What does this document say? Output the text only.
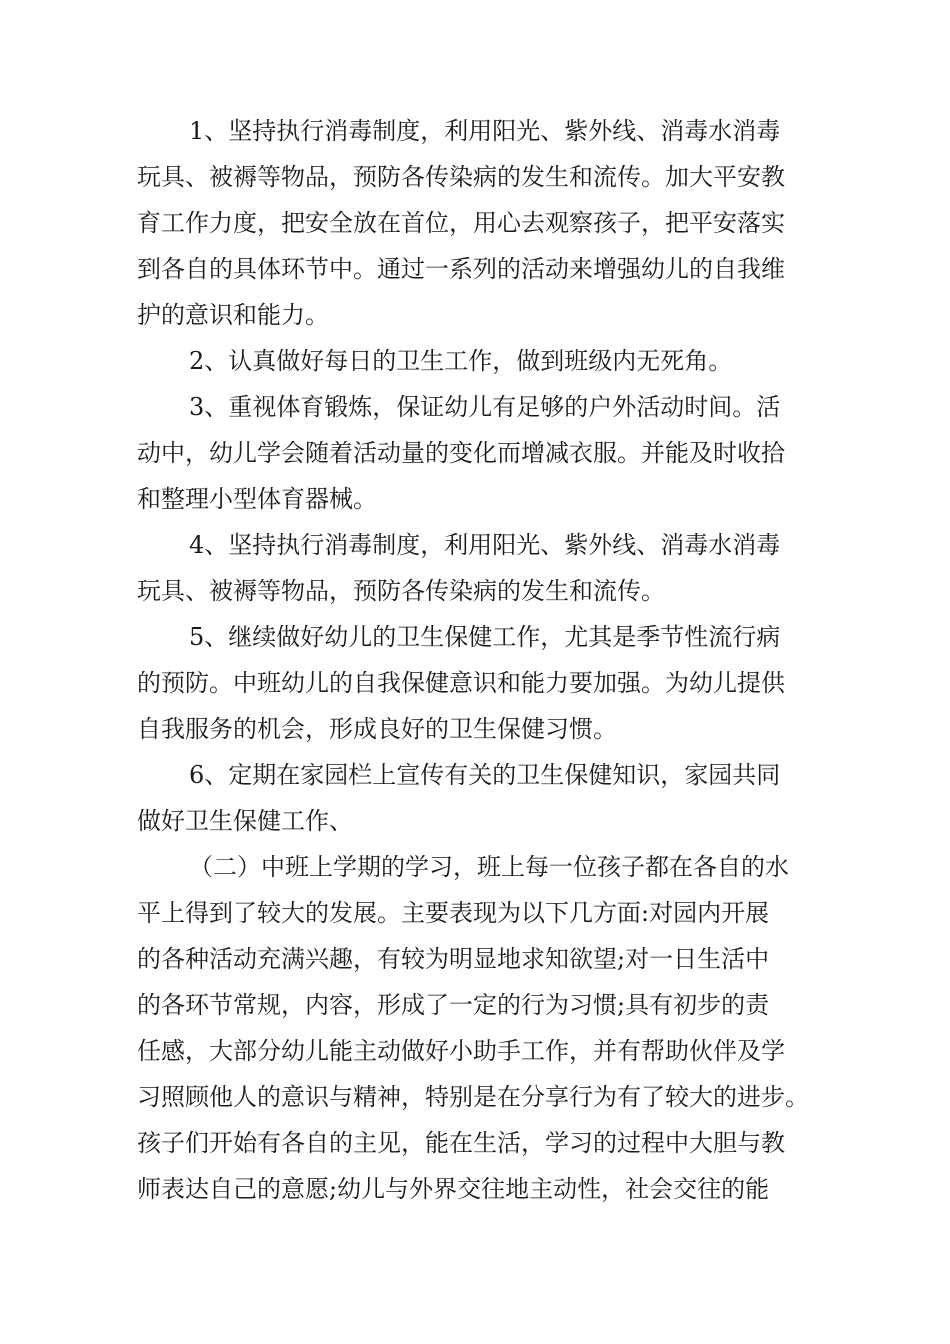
1、坚持执行消毒制度，利用阳光、紫外线、消毒水消毒
玩具、被褥等物品，预防各传染病的发生和流传。加大平安教
育工作力度，把安全放在首位，用心去观察孩子，把平安落实
到各自的具体环节中。通过一系列的活动来增强幼儿的自我维
护的意识和能力。
2、认真做好每日的卫生工作，做到班级内无死角。
3、重视体育锻炼，保证幼儿有足够的户外活动时间。活
动中，幼儿学会随着活动量的变化而增减衣服。并能及时收拾
和整理小型体育器械。
4、坚持执行消毒制度，利用阳光、紫外线、消毒水消毒
玩具、被褥等物品，预防各传染病的发生和流传。
5、继续做好幼儿的卫生保健工作，尤其是季节性流行病
的预防。中班幼儿的自我保健意识和能力要加强。为幼儿提供
自我服务的机会，形成良好的卫生保健习惯。
6、定期在家园栏上宣传有关的卫生保健知识，家园共同
做好卫生保健工作、
（二）中班上学期的学习，班上每一位孩子都在各自的水
平上得到了较大的发展。主要表现为以下几方面:对园内开展
的各种活动充满兴趣，有较为明显地求知欲望;对一日生活中
的各环节常规，内容，形成了一定的行为习惯;具有初步的责
任感，大部分幼儿能主动做好小助手工作，并有帮助伙伴及学
习照顾他人的意识与精神，特别是在分享行为有了较大的进步。
孩子们开始有各自的主见，能在生活，学习的过程中大胆与教
师表达自己的意愿;幼儿与外界交往地主动性，社会交往的能
